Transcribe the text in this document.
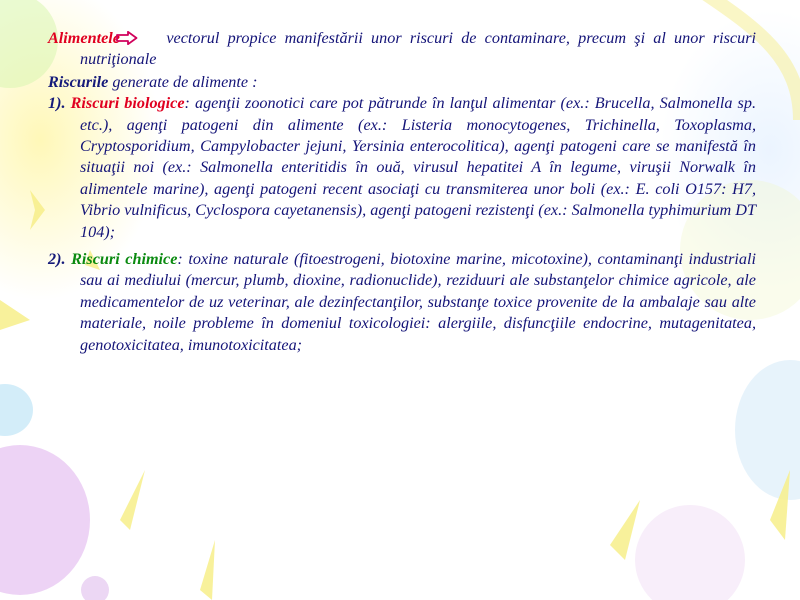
Alimentele	vectorul propice manifestării unor riscuri de contaminare, precum şi al unor riscuri nutriţionale

Riscurile generate de alimente :

1). Riscuri biologice: agenţii zoonotici care pot pătrunde în lanţul alimentar (ex.: Brucella, Salmonella sp. etc.), agenţi patogeni din alimente (ex.: Listeria monocytogenes, Trichinella, Toxoplasma, Cryptosporidium, Campylobacter jejuni, Yersinia enterocolitica), agenţi patogeni care se manifestă în situaţii noi (ex.: Salmonella enteritidis în ouă, virusul hepatitei A în legume, viruşii Norwalk în alimentele marine), agenţi patogeni recent asociaţi cu transmiterea unor boli (ex.: E. coli O157: H7, Vibrio vulnificus, Cyclospora cayetanensis), agenţi patogeni rezistenţi (ex.: Salmonella typhimurium DT 104);

2). Riscuri chimice: toxine naturale (fitoestrogeni, biotoxine marine, micotoxine), contaminanţi industriali sau ai mediului (mercur, plumb, dioxine, radionuclide), reziduuri ale substanţelor chimice agricole, ale medicamentelor de uz veterinar, ale dezinfectanţilor, substanţe toxice provenite de la ambalaje sau alte materiale, noile probleme în domeniul toxicologiei: alergiile, disfuncţiile endocrine, mutagenitatea, genotoxicitatea, imunotoxicitatea;
